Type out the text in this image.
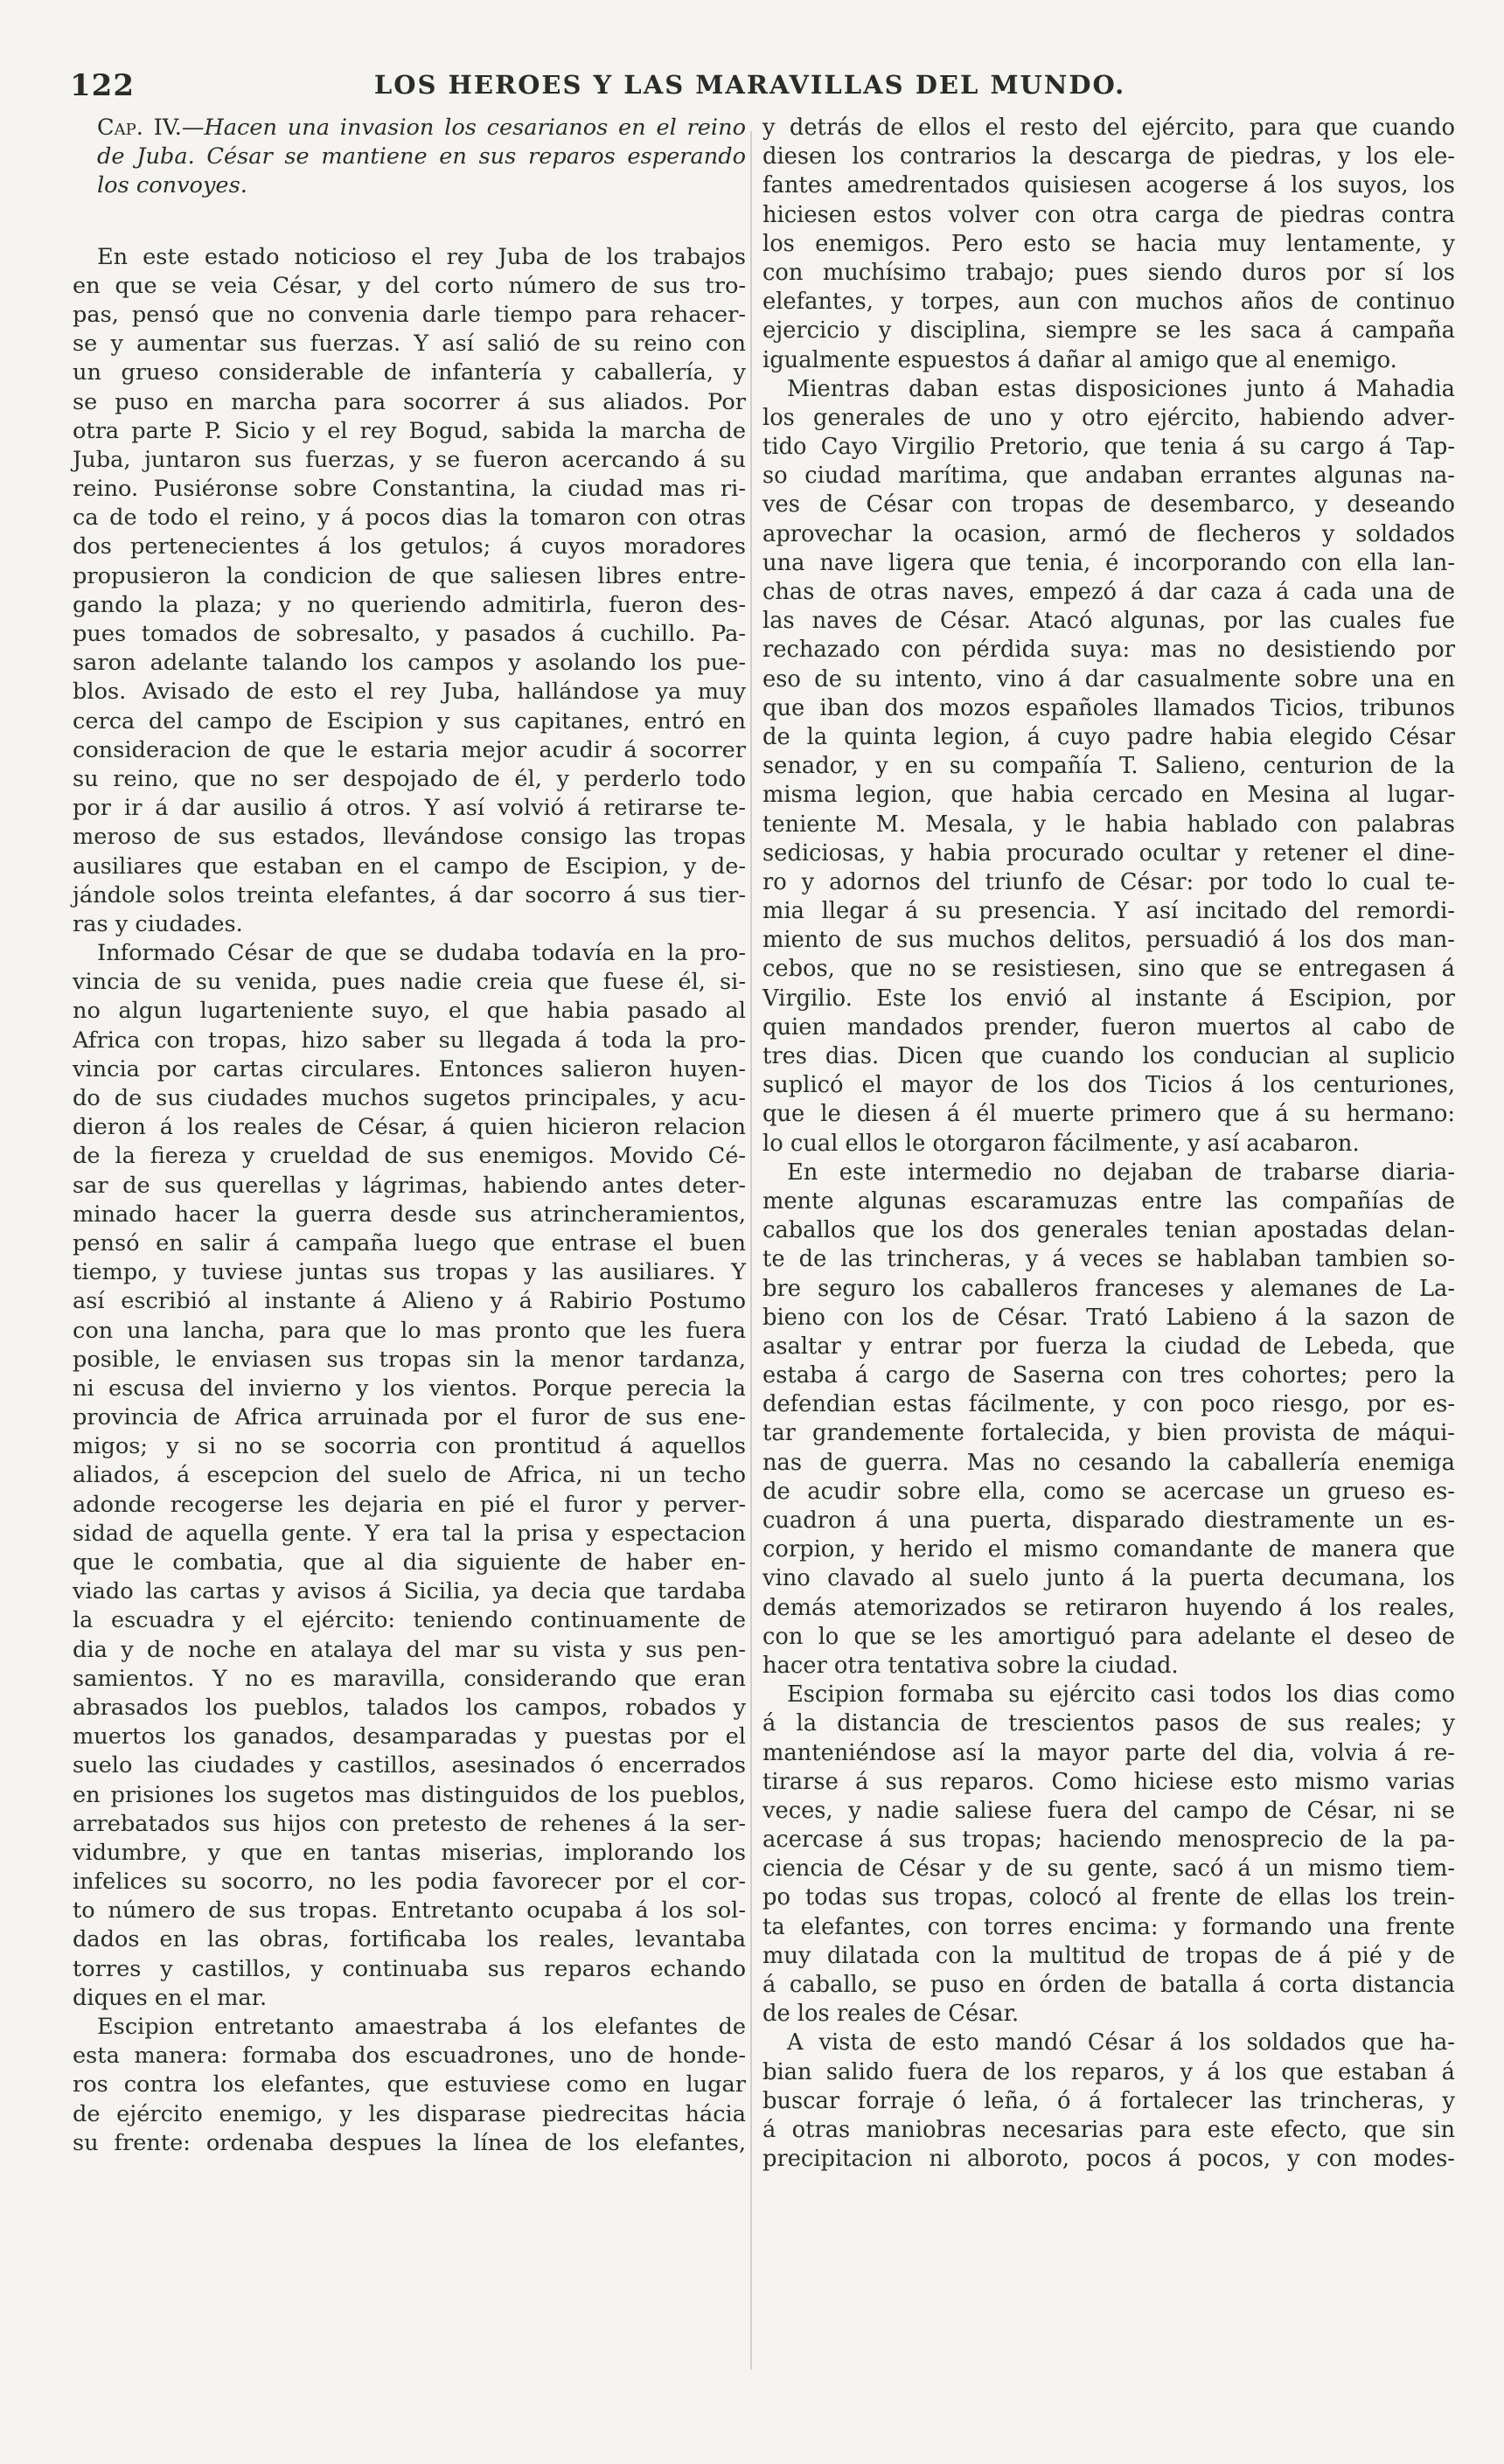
122	LOS HEROES Y LAS MARAVILLAS DEL MUNDO.
Cap. IV.—Hacen una invasion los cesarianos en el reino
de Juba. César se mantiene en sus reparos esperando
los convoyes.
En este estado noticioso el rey Juba de los trabajos
en que se veia César, y del corto número de sus tro-
pas, pensó que no convenia darle tiempo para rehacer-
se y aumentar sus fuerzas. Y así salió de su reino con
un grueso considerable de infantería y caballería, y
se puso en marcha para socorrer á sus aliados. Por
otra parte P. Sicio y el rey Bogud, sabida la marcha de
Juba, juntaron sus fuerzas, y se fueron acercando á su
reino. Pusiéronse sobre Constantina, la ciudad mas ri-
ca de todo el reino, y á pocos dias la tomaron con otras
dos pertenecientes á los getulos; á cuyos moradores
propusieron la condicion de que saliesen libres entre-
gando la plaza; y no queriendo admitirla, fueron des-
pues tomados de sobresalto, y pasados á cuchillo. Pa-
saron adelante talando los campos y asolando los pue-
blos. Avisado de esto el rey Juba, hallándose ya muy
cerca del campo de Escipion y sus capitanes, entró en
consideracion de que le estaria mejor acudir á socorrer
su reino, que no ser despojado de él, y perderlo todo
por ir á dar ausilio á otros. Y así volvió á retirarse te-
meroso de sus estados, llevándose consigo las tropas
ausiliares que estaban en el campo de Escipion, y de-
jándole solos treinta elefantes, á dar socorro á sus tier-
ras y ciudades.
Informado César de que se dudaba todavía en la pro-
vincia de su venida, pues nadie creia que fuese él, si-
no algun lugarteniente suyo, el que habia pasado al
Africa con tropas, hizo saber su llegada á toda la pro-
vincia por cartas circulares. Entonces salieron huyen-
do de sus ciudades muchos sugetos principales, y acu-
dieron á los reales de César, á quien hicieron relacion
de la fiereza y crueldad de sus enemigos. Movido Cé-
sar de sus querellas y lágrimas, habiendo antes deter-
minado hacer la guerra desde sus atrincheramientos,
pensó en salir á campaña luego que entrase el buen
tiempo, y tuviese juntas sus tropas y las ausiliares. Y
así escribió al instante á Alieno y á Rabirio Postumo
con una lancha, para que lo mas pronto que les fuera
posible, le enviasen sus tropas sin la menor tardanza,
ni escusa del invierno y los vientos. Porque perecia la
provincia de Africa arruinada por el furor de sus ene-
migos; y si no se socorria con prontitud á aquellos
aliados, á escepcion del suelo de Africa, ni un techo
adonde recogerse les dejaria en pié el furor y perver-
sidad de aquella gente. Y era tal la prisa y espectacion
que le combatia, que al dia siguiente de haber en-
viado las cartas y avisos á Sicilia, ya decia que tardaba
la escuadra y el ejército: teniendo continuamente de
dia y de noche en atalaya del mar su vista y sus pen-
samientos. Y no es maravilla, considerando que eran
abrasados los pueblos, talados los campos, robados y
muertos los ganados, desamparadas y puestas por el
suelo las ciudades y castillos, asesinados ó encerrados
en prisiones los sugetos mas distinguidos de los pueblos,
arrebatados sus hijos con pretesto de rehenes á la ser-
vidumbre, y que en tantas miserias, implorando los
infelices su socorro, no les podia favorecer por el cor-
to número de sus tropas. Entretanto ocupaba á los sol-
dados en las obras, fortificaba los reales, levantaba
torres y castillos, y continuaba sus reparos echando
diques en el mar.
Escipion entretanto amaestraba á los elefantes de
esta manera: formaba dos escuadrones, uno de honde-
ros contra los elefantes, que estuviese como en lugar
de ejército enemigo, y les disparase piedrecitas hácia
su frente: ordenaba despues la línea de los elefantes,
y detrás de ellos el resto del ejército, para que cuando
diesen los contrarios la descarga de piedras, y los ele-
fantes amedrentados quisiesen acogerse á los suyos, los
hiciesen estos volver con otra carga de piedras contra
los enemigos. Pero esto se hacia muy lentamente, y
con muchísimo trabajo; pues siendo duros por sí los
elefantes, y torpes, aun con muchos años de continuo
ejercicio y disciplina, siempre se les saca á campaña
igualmente espuestos á dañar al amigo que al enemigo.
Mientras daban estas disposiciones junto á Mahadia
los generales de uno y otro ejército, habiendo adver-
tido Cayo Virgilio Pretorio, que tenia á su cargo á Tap-
so ciudad marítima, que andaban errantes algunas na-
ves de César con tropas de desembarco, y deseando
aprovechar la ocasion, armó de flecheros y soldados
una nave ligera que tenia, é incorporando con ella lan-
chas de otras naves, empezó á dar caza á cada una de
las naves de César. Atacó algunas, por las cuales fue
rechazado con pérdida suya: mas no desistiendo por
eso de su intento, vino á dar casualmente sobre una en
que iban dos mozos españoles llamados Ticios, tribunos
de la quinta legion, á cuyo padre habia elegido César
senador, y en su compañía T. Salieno, centurion de la
misma legion, que habia cercado en Mesina al lugar-
teniente M. Mesala, y le habia hablado con palabras
sediciosas, y habia procurado ocultar y retener el dine-
ro y adornos del triunfo de César: por todo lo cual te-
mia llegar á su presencia. Y así incitado del remordi-
miento de sus muchos delitos, persuadió á los dos man-
cebos, que no se resistiesen, sino que se entregasen á
Virgilio. Este los envió al instante á Escipion, por
quien mandados prender, fueron muertos al cabo de
tres dias. Dicen que cuando los conducian al suplicio
suplicó el mayor de los dos Ticios á los centuriones,
que le diesen á él muerte primero que á su hermano:
lo cual ellos le otorgaron fácilmente, y así acabaron.
En este intermedio no dejaban de trabarse diaria-
mente algunas escaramuzas entre las compañías de
caballos que los dos generales tenian apostadas delan-
te de las trincheras, y á veces se hablaban tambien so-
bre seguro los caballeros franceses y alemanes de La-
bieno con los de César. Trató Labieno á la sazon de
asaltar y entrar por fuerza la ciudad de Lebeda, que
estaba á cargo de Saserna con tres cohortes; pero la
defendian estas fácilmente, y con poco riesgo, por es-
tar grandemente fortalecida, y bien provista de máqui-
nas de guerra. Mas no cesando la caballería enemiga
de acudir sobre ella, como se acercase un grueso es-
cuadron á una puerta, disparado diestramente un es-
corpion, y herido el mismo comandante de manera que
vino clavado al suelo junto á la puerta decumana, los
demás atemorizados se retiraron huyendo á los reales,
con lo que se les amortiguó para adelante el deseo de
hacer otra tentativa sobre la ciudad.
Escipion formaba su ejército casi todos los dias como
á la distancia de trescientos pasos de sus reales; y
manteniéndose así la mayor parte del dia, volvia á re-
tirarse á sus reparos. Como hiciese esto mismo varias
veces, y nadie saliese fuera del campo de César, ni se
acercase á sus tropas; haciendo menosprecio de la pa-
ciencia de César y de su gente, sacó á un mismo tiem-
po todas sus tropas, colocó al frente de ellas los trein-
ta elefantes, con torres encima: y formando una frente
muy dilatada con la multitud de tropas de á pié y de
á caballo, se puso en órden de batalla á corta distancia
de los reales de César.
A vista de esto mandó César á los soldados que ha-
bian salido fuera de los reparos, y á los que estaban á
buscar forraje ó leña, ó á fortalecer las trincheras, y
á otras maniobras necesarias para este efecto, que sin
precipitacion ni alboroto, pocos á pocos, y con modes-
